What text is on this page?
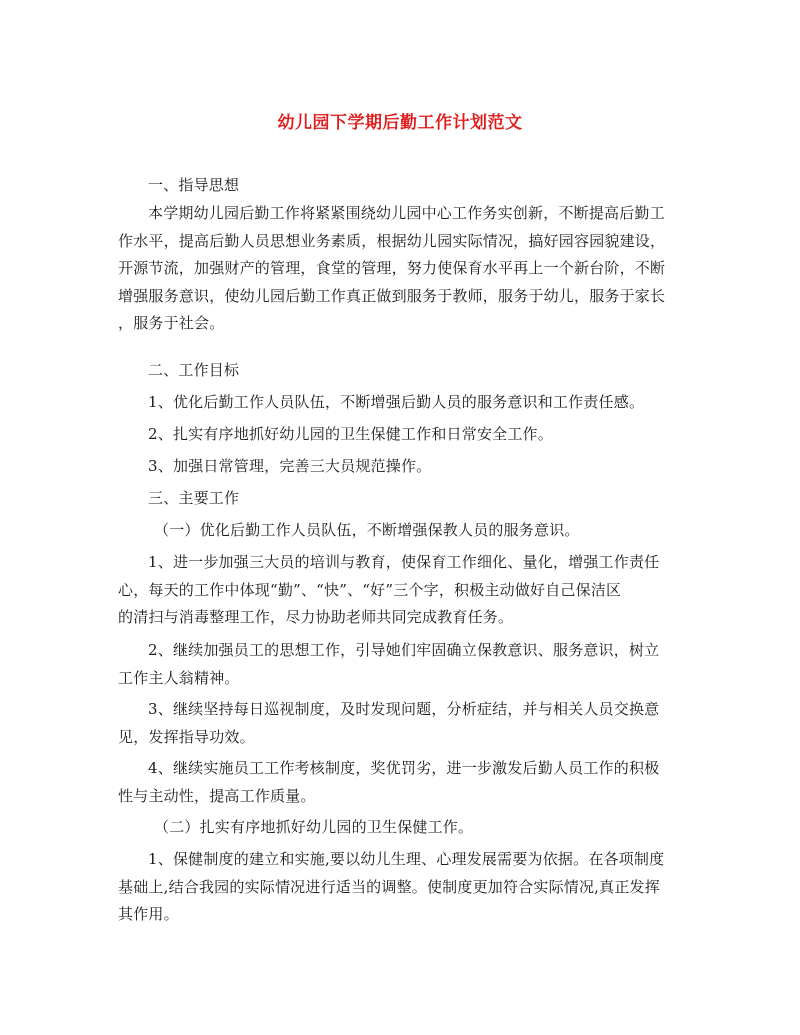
幼儿园下学期后勤工作计划范文
一、指导思想
本学期幼儿园后勤工作将紧紧围绕幼儿园中心工作务实创新，不断提高后勤工
作水平，提高后勤人员思想业务素质，根据幼儿园实际情况，搞好园容园貌建设，
开源节流，加强财产的管理，食堂的管理，努力使保育水平再上一个新台阶，不断
增强服务意识，使幼儿园后勤工作真正做到服务于教师，服务于幼儿，服务于家长
，服务于社会。
二、工作目标
1、优化后勤工作人员队伍，不断增强后勤人员的服务意识和工作责任感。
2、扎实有序地抓好幼儿园的卫生保健工作和日常安全工作。
3、加强日常管理，完善三大员规范操作。
三、主要工作
（一）优化后勤工作人员队伍，不断增强保教人员的服务意识。
1、进一步加强三大员的培训与教育，使保育工作细化、量化，增强工作责任
心，每天的工作中体现“勤”、“快”、“好”三个字，积极主动做好自己保洁区
的清扫与消毒整理工作，尽力协助老师共同完成教育任务。
2、继续加强员工的思想工作，引导她们牢固确立保教意识、服务意识，树立
工作主人翁精神。
3、继续坚持每日巡视制度，及时发现问题，分析症结，并与相关人员交换意
见，发挥指导功效。
4、继续实施员工工作考核制度，奖优罚劣，进一步激发后勤人员工作的积极
性与主动性，提高工作质量。
（二）扎实有序地抓好幼儿园的卫生保健工作。
1、保健制度的建立和实施,要以幼儿生理、心理发展需要为依据。在各项制度
基础上,结合我园的实际情况进行适当的调整。使制度更加符合实际情况,真正发挥
其作用。
